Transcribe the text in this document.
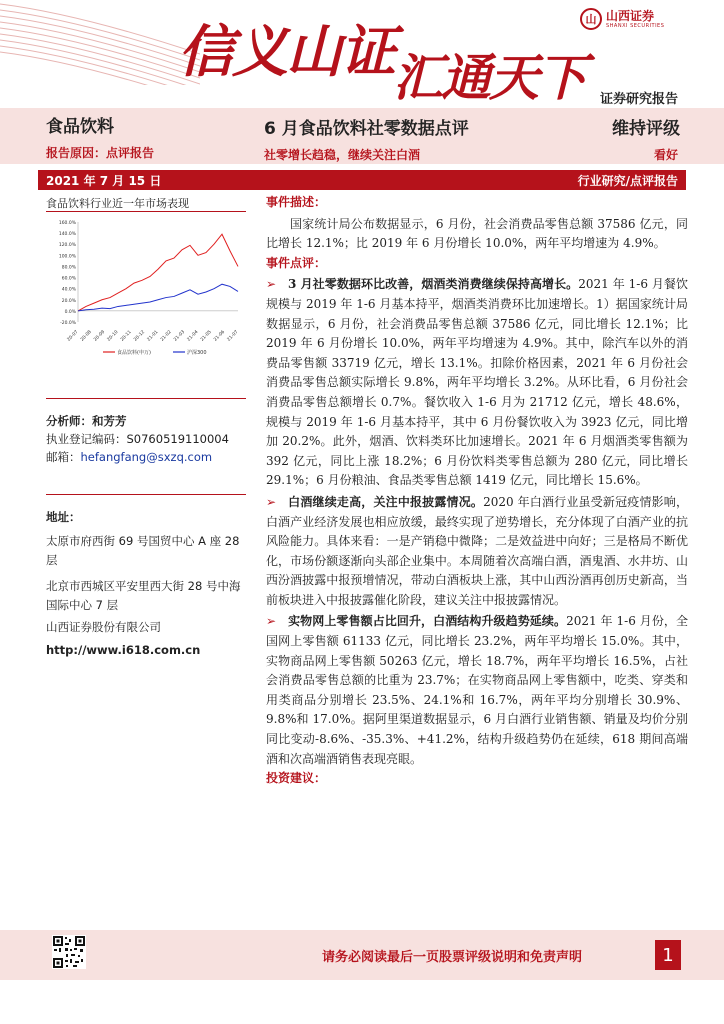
信义山证 汇通天下
山 山西证券
SHANXI SECURITIES
证券研究报告
食品饮料	6 月食品饮料社零数据点评	维持评级
报告原因：点评报告	社零增长趋稳，继续关注白酒	看好
2021 年 7 月 15 日	行业研究/点评报告
食品饮料行业近一年市场表现
-20.0%
0.0%
20.0%
40.0%
60.0%
80.0%
100.0%
120.0%
140.0%
160.0%
20-07 20-08 20-09 20-10 20-11 20-12 21-01 21-02 21-03 21-04 21-05 21-06 21-07
食品饮料(申万)	沪深300
分析师：和芳芳
执业登记编码：S0760519110004
邮箱：hefangfang@sxzq.com
地址：
太原市府西街 69 号国贸中心 A 座 28 层
北京市西城区平安里西大街 28 号中海国际中心 7 层
山西证券股份有限公司
http://www.i618.com.cn
事件描述：
国家统计局公布数据显示，6 月份，社会消费品零售总额 37586 亿元，同比增长 12.1%；比 2019 年 6 月份增长 10.0%，两年平均增速为 4.9%。
事件点评：
➢ 3 月社零数据环比改善，烟酒类消费继续保持高增长。2021 年 1-6 月餐饮规模与 2019 年 1-6 月基本持平，烟酒类消费环比加速增长。1）据国家统计局数据显示，6 月份，社会消费品零售总额 37586 亿元，同比增长 12.1%；比 2019 年 6 月份增长 10.0%，两年平均增速为 4.9%。其中，除汽车以外的消费品零售额 33719 亿元，增长 13.1%。扣除价格因素，2021 年 6 月份社会消费品零售总额实际增长 9.8%，两年平均增长 3.2%。从环比看，6 月份社会消费品零售总额增长 0.7%。餐饮收入 1-6 月为 21712 亿元，增长 48.6%，规模与 2019 年 1-6 月基本持平，其中 6 月份餐饮收入为 3923 亿元，同比增加 20.2%。此外，烟酒、饮料类环比加速增长。2021 年 6 月烟酒类零售额为 392 亿元，同比上涨 18.2%；6 月份饮料类零售总额为 280 亿元，同比增长 29.1%；6 月份粮油、食品类零售总额 1419 亿元，同比增长 15.6%。
➢ 白酒继续走高，关注中报披露情况。2020 年白酒行业虽受新冠疫情影响，白酒产业经济发展也相应放缓，最终实现了逆势增长，充分体现了白酒产业的抗风险能力。具体来看：一是产销稳中微降；二是效益进中向好；三是格局不断优化，市场份额逐渐向头部企业集中。本周随着次高端白酒，酒鬼酒、水井坊、山西汾酒披露中报预增情况，带动白酒板块上涨，其中山西汾酒再创历史新高，当前板块进入中报披露催化阶段，建议关注中报披露情况。
➢ 实物网上零售额占比回升，白酒结构升级趋势延续。2021 年 1-6 月份，全国网上零售额 61133 亿元，同比增长 23.2%，两年平均增长 15.0%。其中，实物商品网上零售额 50263 亿元，增长 18.7%，两年平均增长 16.5%，占社会消费品零售总额的比重为 23.7%；在实物商品网上零售额中，吃类、穿类和用类商品分别增长 23.5%、24.1%和 16.7%，两年平均分别增长 30.9%、9.8%和 17.0%。据阿里渠道数据显示，6 月白酒行业销售额、销量及均价分别同比变动-8.6%、-35.3%、+41.2%，结构升级趋势仍在延续，618 期间高端酒和次高端酒销售表现亮眼。
投资建议：
请务必阅读最后一页股票评级说明和免责声明	1
